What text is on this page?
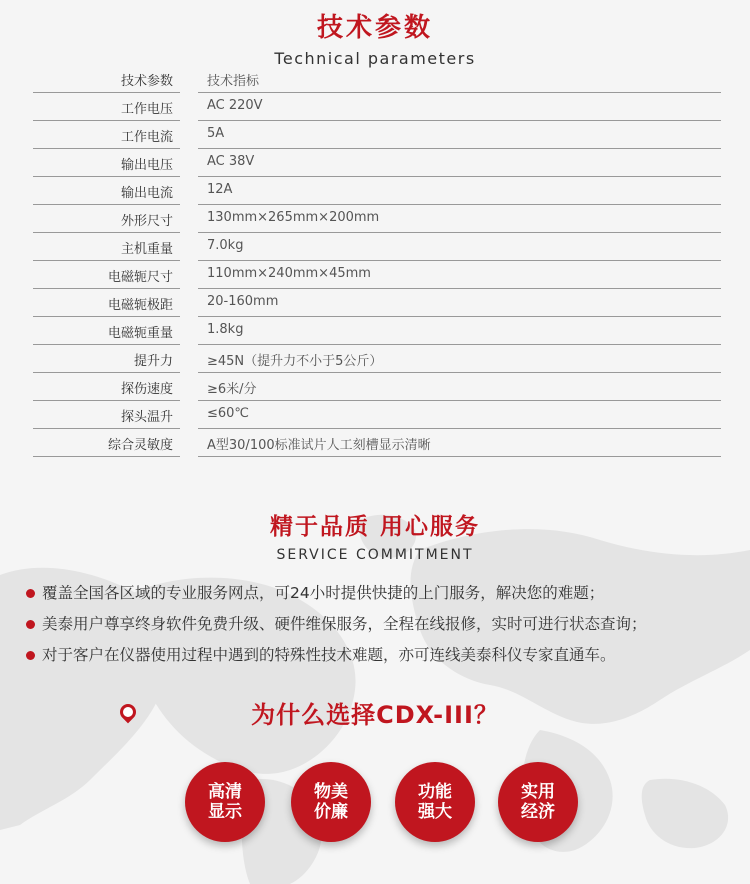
技术参数
Technical parameters
技术参数	技术指标
工作电压	AC 220V
工作电流	5A
输出电压	AC 38V
输出电流	12A
外形尺寸	130mm×265mm×200mm
主机重量	7.0kg
电磁轭尺寸	110mm×240mm×45mm
电磁轭极距	20-160mm
电磁轭重量	1.8kg
提升力	≥45N（提升力不小于5公斤）
探伤速度	≥6米/分
探头温升	≤60℃
综合灵敏度	A型30/100标准试片人工刻槽显示清晰
精于品质 用心服务
SERVICE COMMITMENT
覆盖全国各区域的专业服务网点，可24小时提供快捷的上门服务，解决您的难题；
美泰用户尊享终身软件免费升级、硬件维保服务，全程在线报修，实时可进行状态查询；
对于客户在仪器使用过程中遇到的特殊性技术难题，亦可连线美泰科仪专家直通车。
为什么选择CDX-III？
高清
显示
物美
价廉
功能
强大
实用
经济
